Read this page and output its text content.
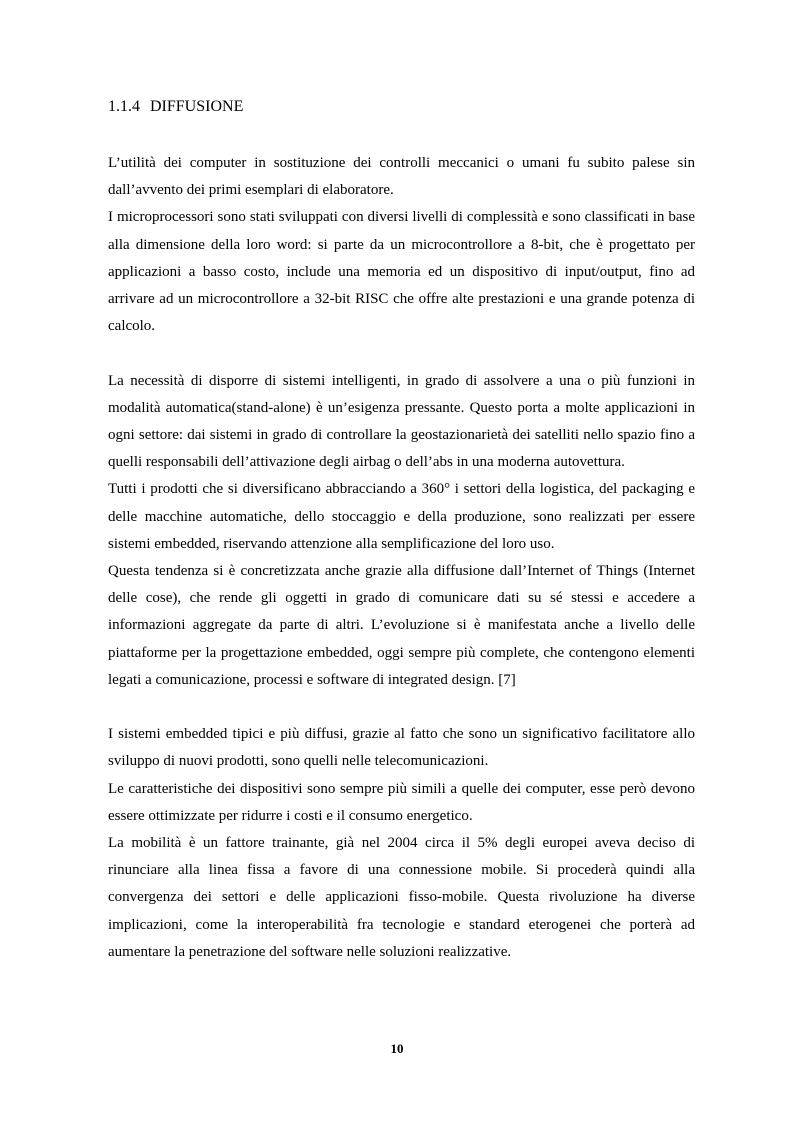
1.1.4 DIFFUSIONE

L’utilità dei computer in sostituzione dei controlli meccanici o umani fu subito palese sin dall’avvento dei primi esemplari di elaboratore.

I microprocessori sono stati sviluppati con diversi livelli di complessità e sono classificati in base alla dimensione della loro word: si parte da un microcontrollore a 8-bit, che è progettato per applicazioni a basso costo, include una memoria ed un dispositivo di input/output, fino ad arrivare ad un microcontrollore a 32-bit RISC che offre alte prestazioni e una grande potenza di calcolo.

La necessità di disporre di sistemi intelligenti, in grado di assolvere a una o più funzioni in modalità automatica(stand-alone) è un’esigenza pressante. Questo porta a molte applicazioni in ogni settore: dai sistemi in grado di controllare la geostazionarietà dei satelliti nello spazio fino a quelli responsabili dell’attivazione degli airbag o dell’abs in una moderna autovettura.

Tutti i prodotti che si diversificano abbracciando a 360° i settori della logistica, del packaging e delle macchine automatiche, dello stoccaggio e della produzione, sono realizzati per essere sistemi embedded, riservando attenzione alla semplificazione del loro uso.

Questa tendenza si è concretizzata anche grazie alla diffusione dall’Internet of Things (Internet delle cose), che rende gli oggetti in grado di comunicare dati su sé stessi e accedere a informazioni aggregate da parte di altri. L’evoluzione si è manifestata anche a livello delle piattaforme per la progettazione embedded, oggi sempre più complete, che contengono elementi legati a comunicazione, processi e software di integrated design. [7]

I sistemi embedded tipici e più diffusi, grazie al fatto che sono un significativo facilitatore allo sviluppo di nuovi prodotti, sono quelli nelle telecomunicazioni.

Le caratteristiche dei dispositivi sono sempre più simili a quelle dei computer, esse però devono essere ottimizzate per ridurre i costi e il consumo energetico.

La mobilità è un fattore trainante, già nel 2004 circa il 5% degli europei aveva deciso di rinunciare alla linea fissa a favore di una connessione mobile. Si procederà quindi alla convergenza dei settori e delle applicazioni fisso-mobile. Questa rivoluzione ha diverse implicazioni, come la interoperabilità fra tecnologie e standard eterogenei che porterà ad aumentare la penetrazione del software nelle soluzioni realizzative.

10
